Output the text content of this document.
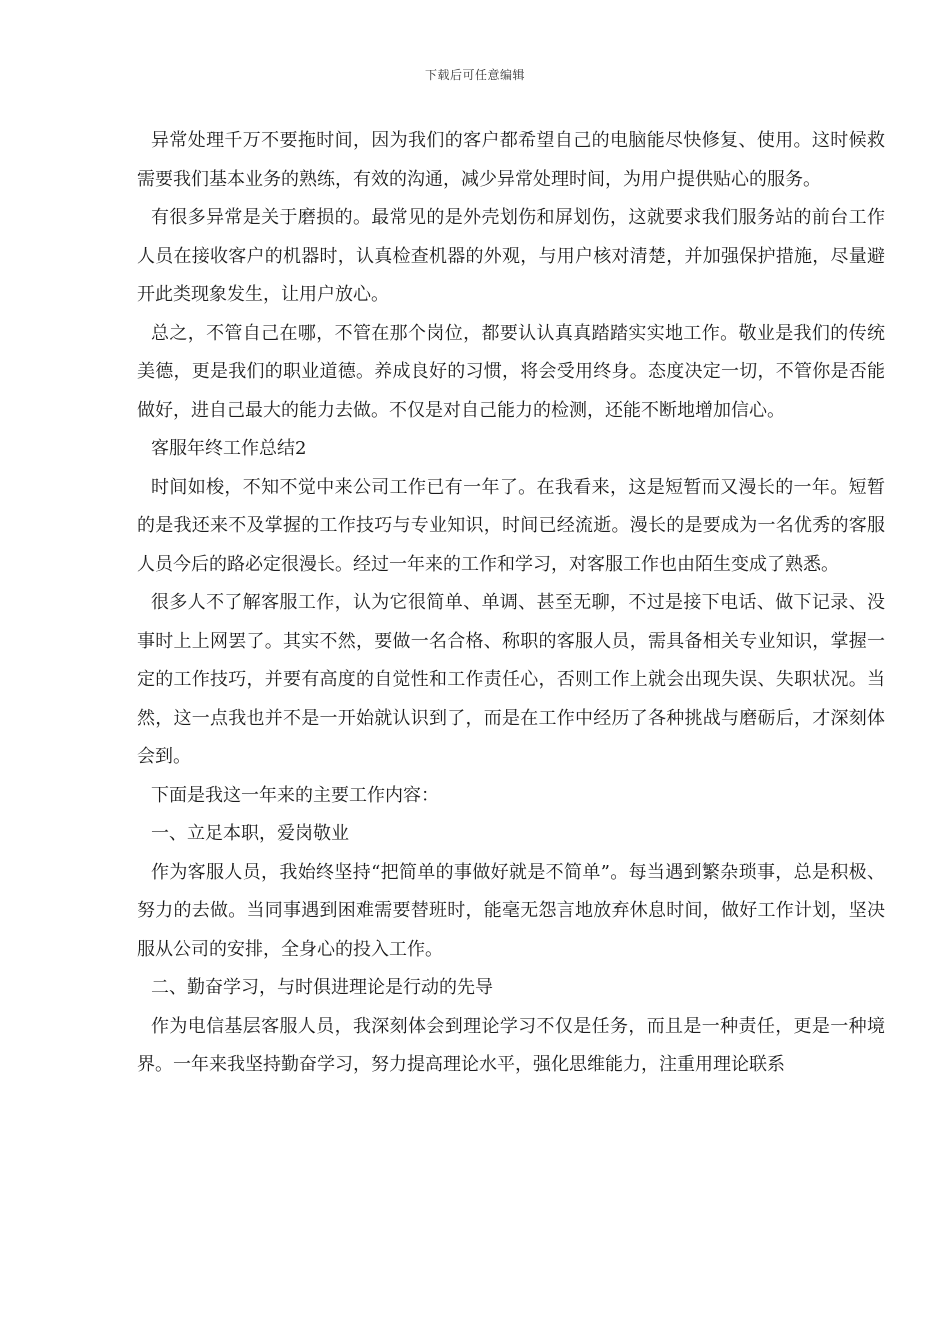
下载后可任意编辑

异常处理千万不要拖时间，因为我们的客户都希望自己的电脑能尽快修复、使用。这时候救需要我们基本业务的熟练，有效的沟通，减少异常处理时间，为用户提供贴心的服务。

有很多异常是关于磨损的。最常见的是外壳划伤和屏划伤，这就要求我们服务站的前台工作人员在接收客户的机器时，认真检查机器的外观，与用户核对清楚，并加强保护措施，尽量避开此类现象发生，让用户放心。

总之，不管自己在哪，不管在那个岗位，都要认认真真踏踏实实地工作。敬业是我们的传统美德，更是我们的职业道德。养成良好的习惯，将会受用终身。态度决定一切，不管你是否能做好，进自己最大的能力去做。不仅是对自己能力的检测，还能不断地增加信心。

客服年终工作总结2

时间如梭，不知不觉中来公司工作已有一年了。在我看来，这是短暂而又漫长的一年。短暂的是我还来不及掌握的工作技巧与专业知识，时间已经流逝。漫长的是要成为一名优秀的客服人员今后的路必定很漫长。经过一年来的工作和学习，对客服工作也由陌生变成了熟悉。

很多人不了解客服工作，认为它很简单、单调、甚至无聊，不过是接下电话、做下记录、没事时上上网罢了。其实不然，要做一名合格、称职的客服人员，需具备相关专业知识，掌握一定的工作技巧，并要有高度的自觉性和工作责任心，否则工作上就会出现失误、失职状况。当然，这一点我也并不是一开始就认识到了，而是在工作中经历了各种挑战与磨砺后，才深刻体会到。

下面是我这一年来的主要工作内容：

一、立足本职，爱岗敬业

作为客服人员，我始终坚持“把简单的事做好就是不简单”。每当遇到繁杂琐事，总是积极、努力的去做。当同事遇到困难需要替班时，能毫无怨言地放弃休息时间，做好工作计划，坚决服从公司的安排，全身心的投入工作。

二、勤奋学习，与时俱进理论是行动的先导

作为电信基层客服人员，我深刻体会到理论学习不仅是任务，而且是一种责任，更是一种境界。一年来我坚持勤奋学习，努力提高理论水平，强化思维能力，注重用理论联系
